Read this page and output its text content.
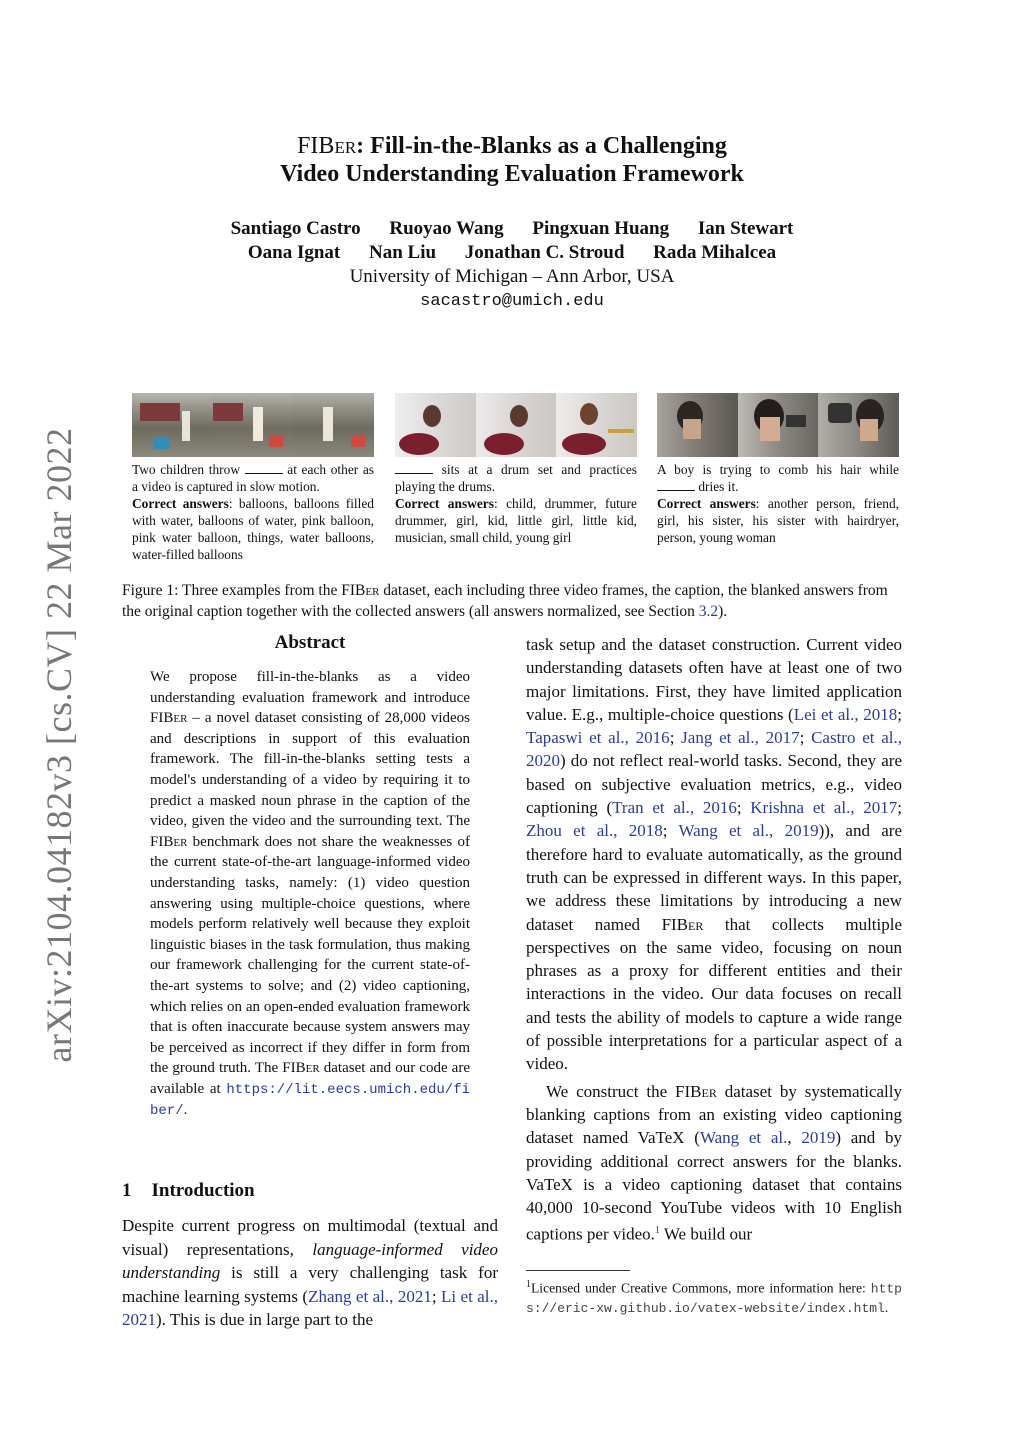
arXiv:2104.04182v3 [cs.CV] 22 Mar 2022
FIBer: Fill-in-the-Blanks as a Challenging
Video Understanding Evaluation Framework
Santiago Castro Ruoyao Wang Pingxuan Huang Ian Stewart
Oana Ignat Nan Liu Jonathan C. Stroud Rada Mihalcea
University of Michigan – Ann Arbor, USA
sacastro@umich.edu
Two children throw	at each other as a video is captured in slow motion.
Correct answers: balloons, balloons filled with water, balloons of water, pink balloon, pink water balloon, things, water balloons, water-filled balloons
sits at a drum set and practices playing the drums.
Correct answers: child, drummer, future drummer, girl, kid, little girl, little kid, musician, small child, young girl
A boy is trying to comb his hair while  dries it.
Correct answers: another person, friend, girl, his sister, his sister with hairdryer, person, young woman
Figure 1: Three examples from the FIBer dataset, each including three video frames, the caption, the blanked answers from the original caption together with the collected answers (all answers normalized, see Section 3.2).
Abstract
We propose fill-in-the-blanks as a video understanding evaluation framework and introduce FIBer – a novel dataset consisting of 28,000 videos and descriptions in support of this evaluation framework. The fill-in-the-blanks setting tests a model's understanding of a video by requiring it to predict a masked noun phrase in the caption of the video, given the video and the surrounding text. The FIBer benchmark does not share the weaknesses of the current state-of-the-art language-informed video understanding tasks, namely: (1) video question answering using multiple-choice questions, where models perform relatively well because they exploit linguistic biases in the task formulation, thus making our framework challenging for the current state-of-the-art systems to solve; and (2) video captioning, which relies on an open-ended evaluation framework that is often inaccurate because system answers may be perceived as incorrect if they differ in form from the ground truth. The FIBer dataset and our code are available at https://lit.eecs.umich.edu/fiber/.
1 Introduction
Despite current progress on multimodal (textual and visual) representations, language-informed video understanding is still a very challenging task for machine learning systems (Zhang et al., 2021; Li et al., 2021). This is due in large part to the

task setup and the dataset construction. Current video understanding datasets often have at least one of two major limitations. First, they have limited application value. E.g., multiple-choice questions (Lei et al., 2018; Tapaswi et al., 2016; Jang et al., 2017; Castro et al., 2020) do not reflect real-world tasks. Second, they are based on subjective evaluation metrics, e.g., video captioning (Tran et al., 2016; Krishna et al., 2017; Zhou et al., 2018; Wang et al., 2019)), and are therefore hard to evaluate automatically, as the ground truth can be expressed in different ways. In this paper, we address these limitations by introducing a new dataset named FIBer that collects multiple perspectives on the same video, focusing on noun phrases as a proxy for different entities and their interactions in the video. Our data focuses on recall and tests the ability of models to capture a wide range of possible interpretations for a particular aspect of a video.

We construct the FIBer dataset by systematically blanking captions from an existing video captioning dataset named VaTeX (Wang et al., 2019) and by providing additional correct answers for the blanks. VaTeX is a video captioning dataset that contains 40,000 10-second YouTube videos with 10 English captions per video.$^1$ We build our

$^1$Licensed under Creative Commons, more information here: https://eric-xw.github.io/vatex-website/index.html.
